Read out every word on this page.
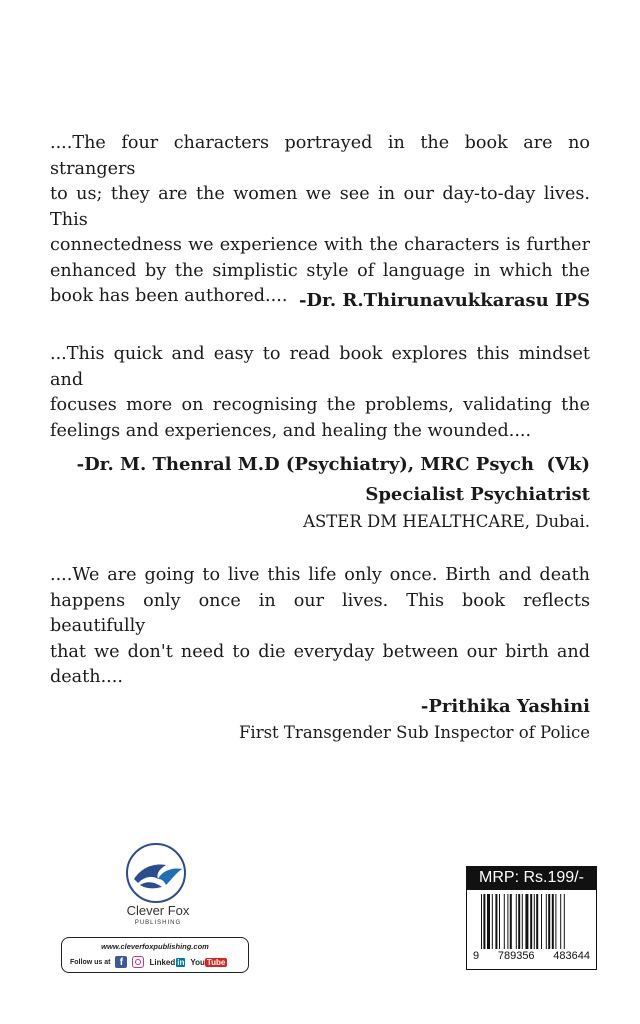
....The four characters portrayed in the book are no strangers
to us; they are the women we see in our day-to-day lives. This
connectedness we experience with the characters is further
enhanced by the simplistic style of language in which the
book has been authored.... -Dr. R.Thirunavukkarasu IPS

...This quick and easy to read book explores this mindset and
focuses more on recognising the problems, validating the
feelings and experiences, and healing the wounded....

-Dr. M. Thenral M.D (Psychiatry), MRC Psych  (Vk)
Specialist Psychiatrist
ASTER DM HEALTHCARE, Dubai.

....We are going to live this life only once. Birth and death
happens only once in our lives. This book reflects beautifully
that we don't need to die everyday between our birth and
death....

-Prithika Yashini
First Transgender Sub Inspector of Police
Clever Fox
PUBLISHING
www.cleverfoxpublishing.com
Follow us at f	Linked in You Tube
MRP: Rs.199/-
9 789356 483644
